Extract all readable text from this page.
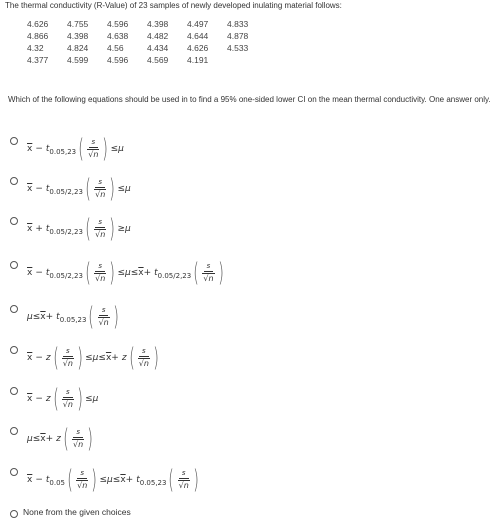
The thermal conductivity (R-Value) of 23 samples of newly developed inulating material follows:
4.626	4.755	4.596	4.398	4.497	4.833
4.866	4.398	4.638	4.482	4.644	4.878
4.32	4.824	4.56	4.434	4.626	4.533
4.377	4.599	4.596	4.569	4.191
Which of the following equations should be used in to find a 95% one-sided lower CI on the mean thermal conductivity. One answer only.
$\overline{x} - t$ 0.05,23 ( s
√ n ) ≤ μ
$\overline{x} - t$ 0.05/2,23 ( s
√ n ) ≤ μ
$\overline{x} + t$ 0.05/2,23 ( s
√ n ) ≥ μ
$\overline{x} - t$ 0.05/2,23 ( s
√ n ) ≤ $\mu \le \overline{x} + t$ 0.05/2,23 ( s
√ n )
$\mu \le \overline{x} + t$ 0.05,23 ( s
√ n )
$\overline{x} - z$ ( s
√ n ) ≤ $\mu \le \overline{x} + z$ ( s
√ n )
$\overline{x} - z$ ( s
√ n ) ≤ μ
$\mu \le \overline{x} + z$ ( s
√ n )
$\overline{x} - t$ 0.05 ( s
√ n ) ≤ $\mu \le \overline{x} + t$ 0.05,23 ( s
√ n )
None from the given choices
